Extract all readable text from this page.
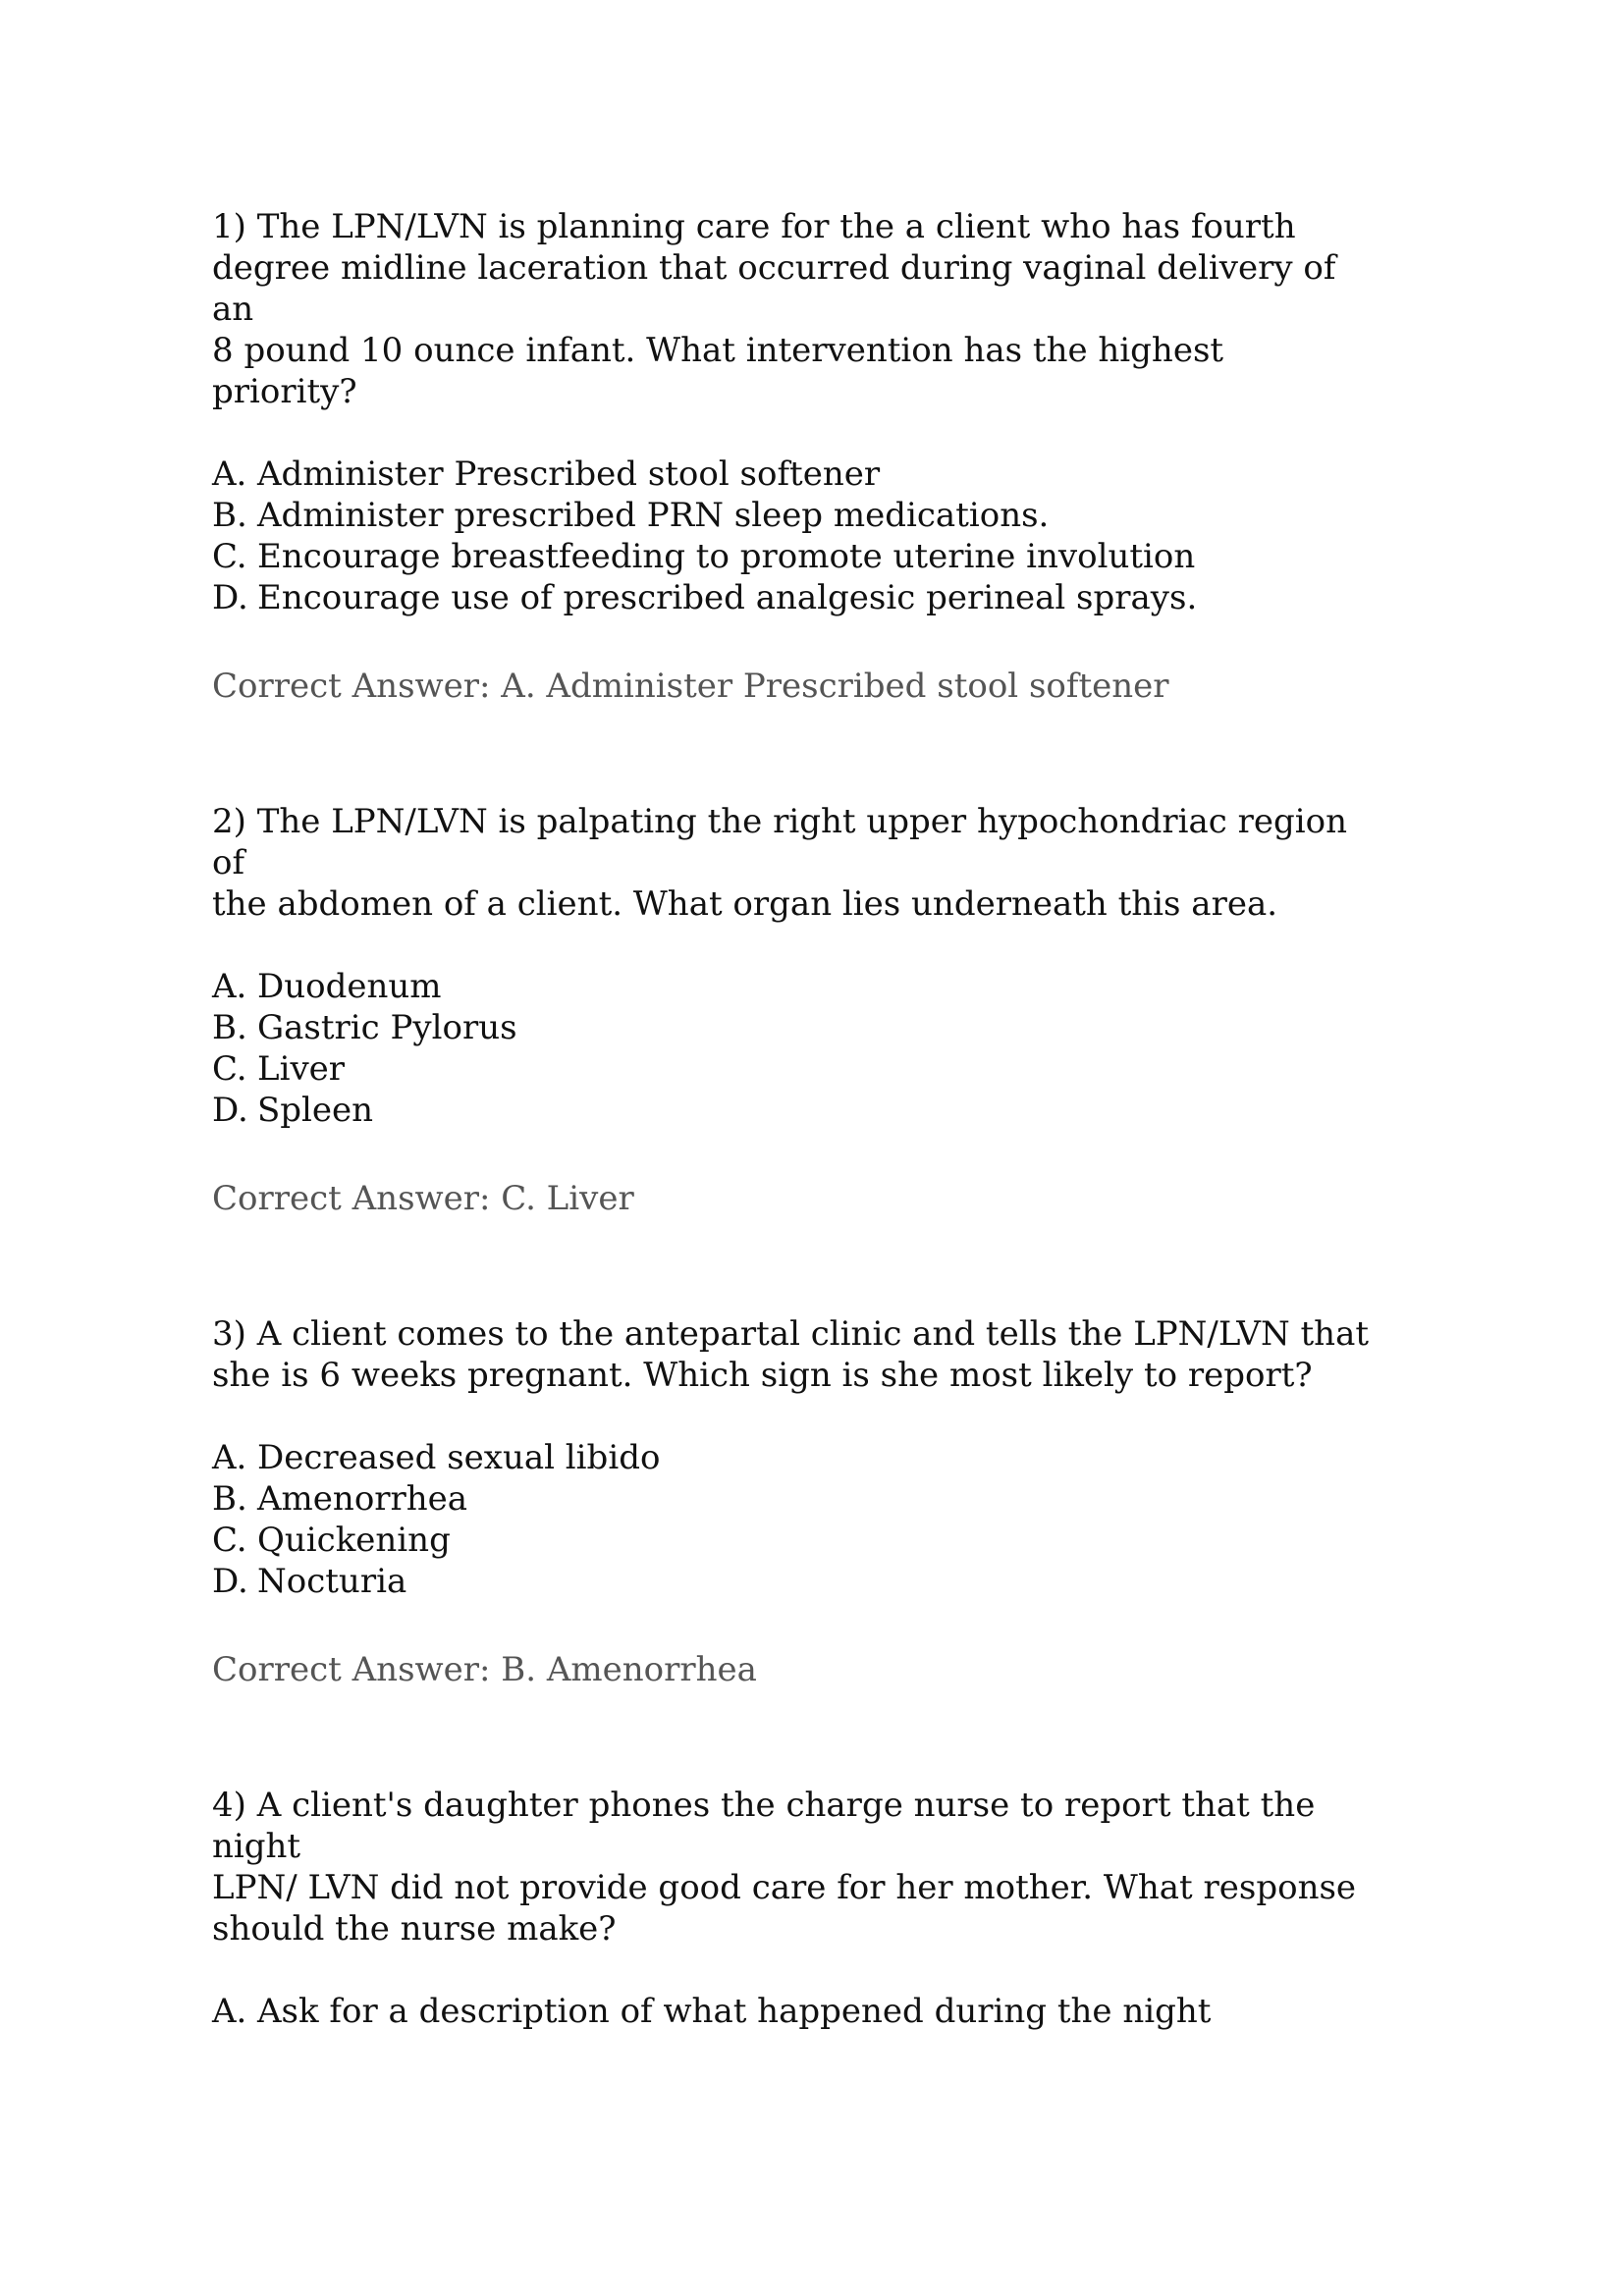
1) The LPN/LVN is planning care for the a client who has fourth
degree midline laceration that occurred during vaginal delivery of an
8 pound 10 ounce infant. What intervention has the highest priority?

A. Administer Prescribed stool softener
B. Administer prescribed PRN sleep medications.
C. Encourage breastfeeding to promote uterine involution
D. Encourage use of prescribed analgesic perineal sprays.
Correct Answer: A. Administer Prescribed stool softener

2) The LPN/LVN is palpating the right upper hypochondriac region of
the abdomen of a client. What organ lies underneath this area.

A. Duodenum
B. Gastric Pylorus
C. Liver
D. Spleen
Correct Answer: C. Liver

3) A client comes to the antepartal clinic and tells the LPN/LVN that
she is 6 weeks pregnant. Which sign is she most likely to report?

A. Decreased sexual libido
B. Amenorrhea
C. Quickening
D. Nocturia
Correct Answer: B. Amenorrhea

4) A client's daughter phones the charge nurse to report that the night
LPN/ LVN did not provide good care for her mother. What response
should the nurse make?

A. Ask for a description of what happened during the night
